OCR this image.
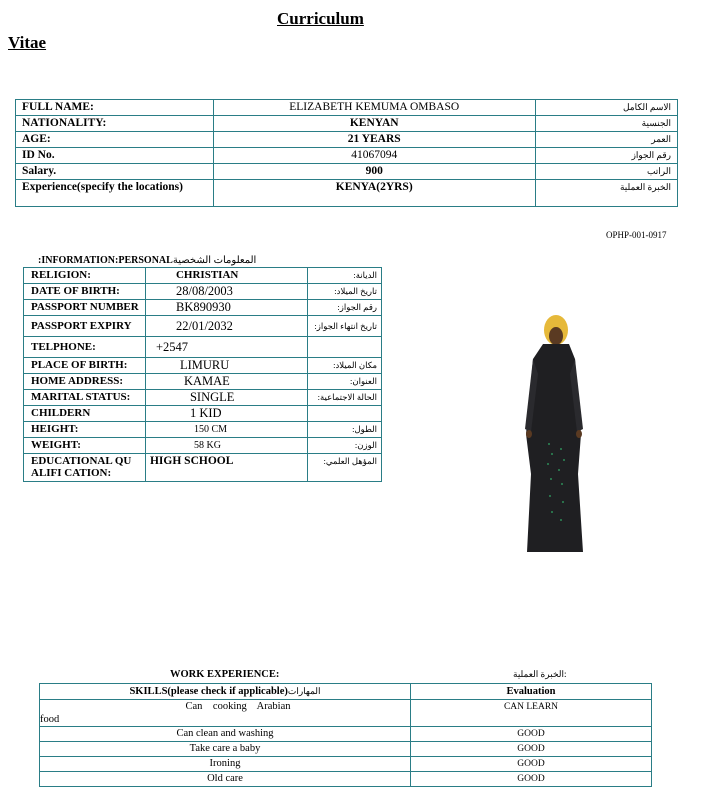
Curriculum
Vitae
FULL NAME:	ELIZABETH KEMUMA OMBASO	الاسم الكامل
NATIONALITY:	KENYAN	الجنسية
AGE:	21 YEARS	العمر
ID No.	41067094	رقم الجواز
Salary.	900	الراتب
Experience(specify the locations)	KENYA(2YRS)	الخبرة العملية
OPHP-001-0917
:INFORMATION:PERSONALالمعلومات الشخصية
RELIGION:	CHRISTIAN	:الديانة
DATE OF BIRTH:	28/08/2003	:تاريخ الميلاد
PASSPORT NUMBER	BK890930	:رقم الجواز
PASSPORT EXPIRY	22/01/2032	:تاريخ انتهاء الجواز
TELPHONE:	+2547	
PLACE OF BIRTH:	LIMURU	:مكان الميلاد
HOME ADDRESS:	KAMAE	:العنوان
MARITAL STATUS:	SINGLE	:الحالة الاجتماعية
CHILDERN	1 KID	
HEIGHT:	150 CM	:الطول
WEIGHT:	58 KG	:الوزن
EDUCATIONAL QUALIFI CATION:	HIGH SCHOOL	:المؤهل العلمي
WORK EXPERIENCE:	الخبرة العملية:
SKILLS(please check if applicable)المهارات	Evaluation

Can    cooking    Arabian
food	CAN LEARN
Can clean and washing	GOOD
Take care a baby	GOOD
Ironing	GOOD
Old care	GOOD
